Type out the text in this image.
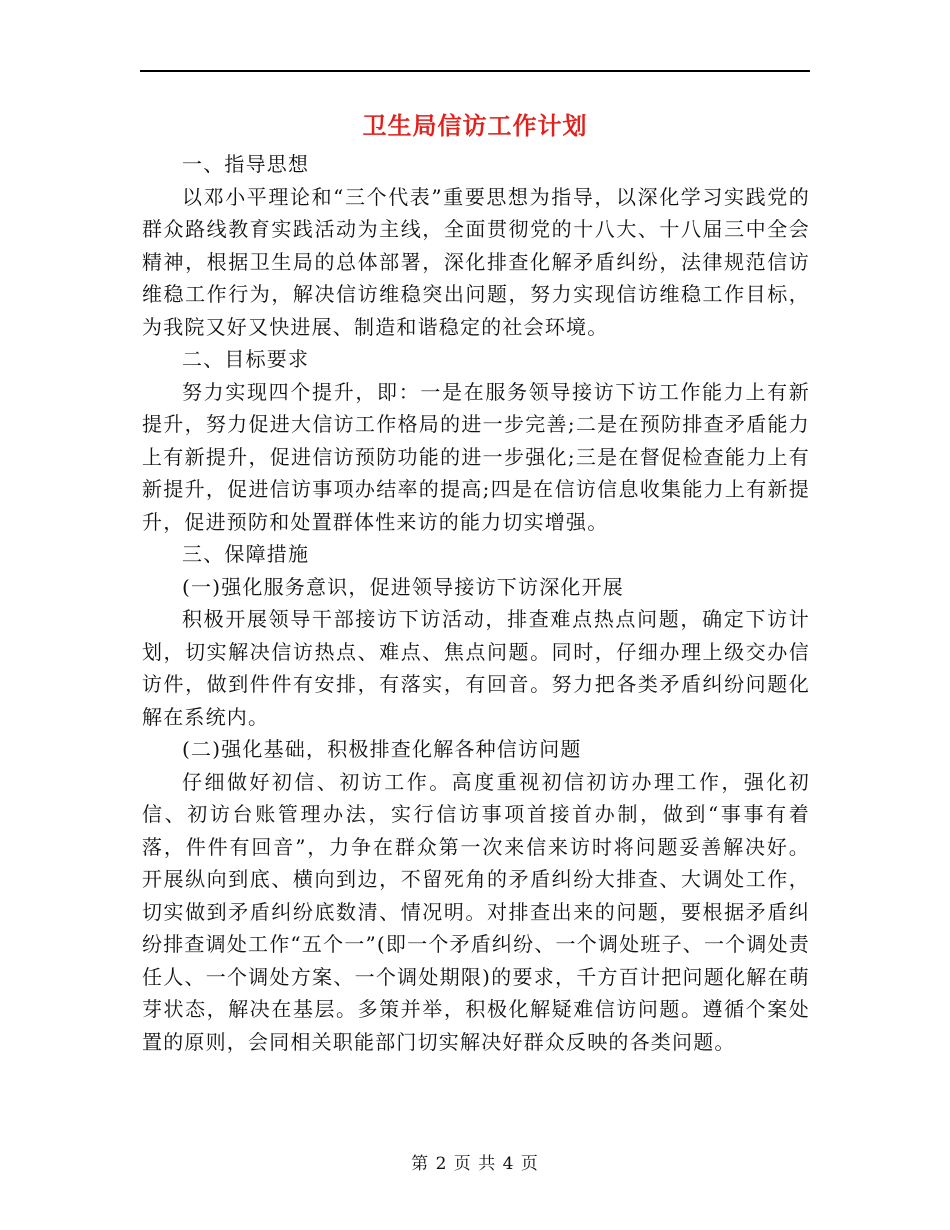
卫生局信访工作计划

一、指导思想

以邓小平理论和“三个代表”重要思想为指导，以深化学习实践党的群众路线教育实践活动为主线，全面贯彻党的十八大、十八届三中全会精神，根据卫生局的总体部署，深化排查化解矛盾纠纷，法律规范信访维稳工作行为，解决信访维稳突出问题，努力实现信访维稳工作目标，为我院又好又快进展、制造和谐稳定的社会环境。

二、目标要求

努力实现四个提升，即：一是在服务领导接访下访工作能力上有新提升，努力促进大信访工作格局的进一步完善;二是在预防排查矛盾能力上有新提升，促进信访预防功能的进一步强化;三是在督促检查能力上有新提升，促进信访事项办结率的提高;四是在信访信息收集能力上有新提升，促进预防和处置群体性来访的能力切实增强。

三、保障措施

(一)强化服务意识，促进领导接访下访深化开展

积极开展领导干部接访下访活动，排查难点热点问题，确定下访计划，切实解决信访热点、难点、焦点问题。同时，仔细办理上级交办信访件，做到件件有安排，有落实，有回音。努力把各类矛盾纠纷问题化解在系统内。

(二)强化基础，积极排查化解各种信访问题

仔细做好初信、初访工作。高度重视初信初访办理工作，强化初信、初访台账管理办法，实行信访事项首接首办制，做到“事事有着落，件件有回音”，力争在群众第一次来信来访时将问题妥善解决好。开展纵向到底、横向到边，不留死角的矛盾纠纷大排查、大调处工作，切实做到矛盾纠纷底数清、情况明。对排查出来的问题，要根据矛盾纠纷排查调处工作“五个一”(即一个矛盾纠纷、一个调处班子、一个调处责任人、一个调处方案、一个调处期限)的要求，千方百计把问题化解在萌芽状态，解决在基层。多策并举，积极化解疑难信访问题。遵循个案处置的原则，会同相关职能部门切实解决好群众反映的各类问题。

第 2 页 共 4 页
